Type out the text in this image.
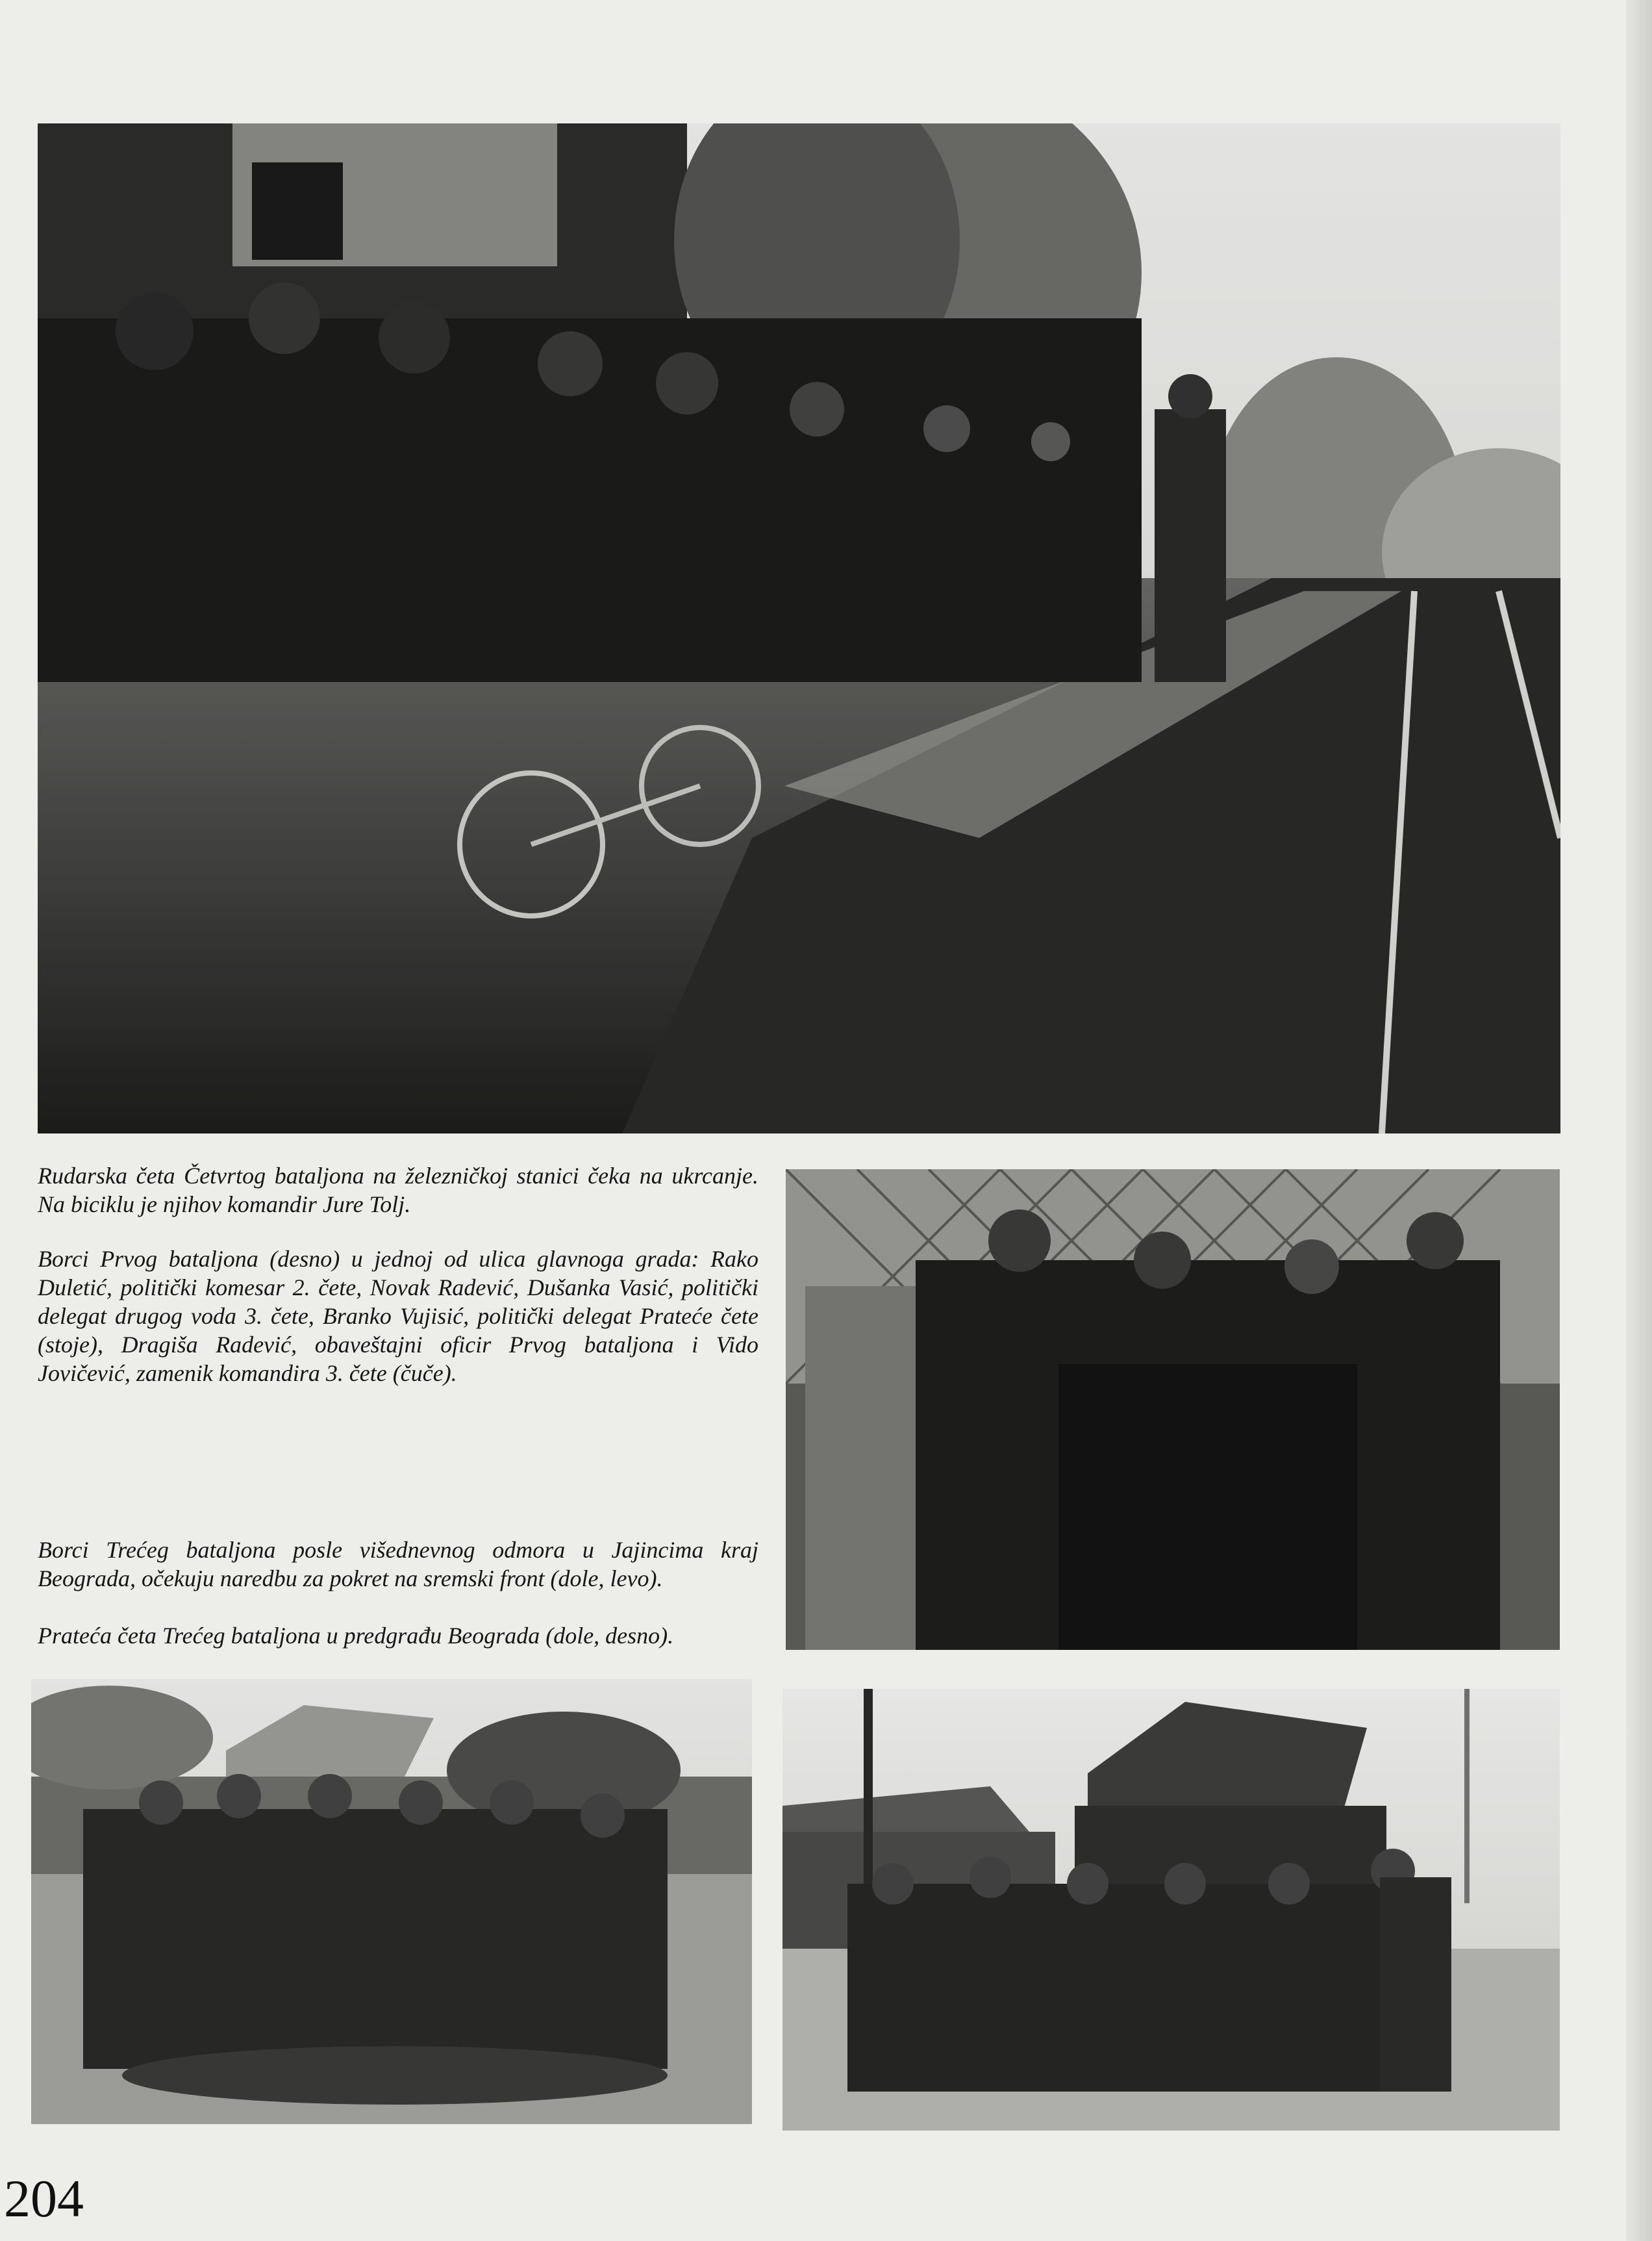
Rudarska četa Četvrtog bataljona na železničkoj stanici čeka na ukrcanje. Na biciklu je njihov komandir Jure Tolj.

Borci Prvog bataljona (desno) u jednoj od ulica glavnoga grada: Rako Duletić, politički komesar 2. čete, Novak Radević, Dušanka Vasić, politički delegat drugog voda 3. čete, Branko Vujisić, politički delegat Prateće čete (stoje), Dragiša Radević, obaveštajni oficir Prvog bataljona i Vido Jovičević, zamenik komandira 3. čete (čuče).

Borci Trećeg bataljona posle višednevnog odmora u Jajincima kraj Beograda, očekuju naredbu za pokret na sremski front (dole, levo).

Prateća četa Trećeg bataljona u predgrađu Beograda (dole, desno).

204
